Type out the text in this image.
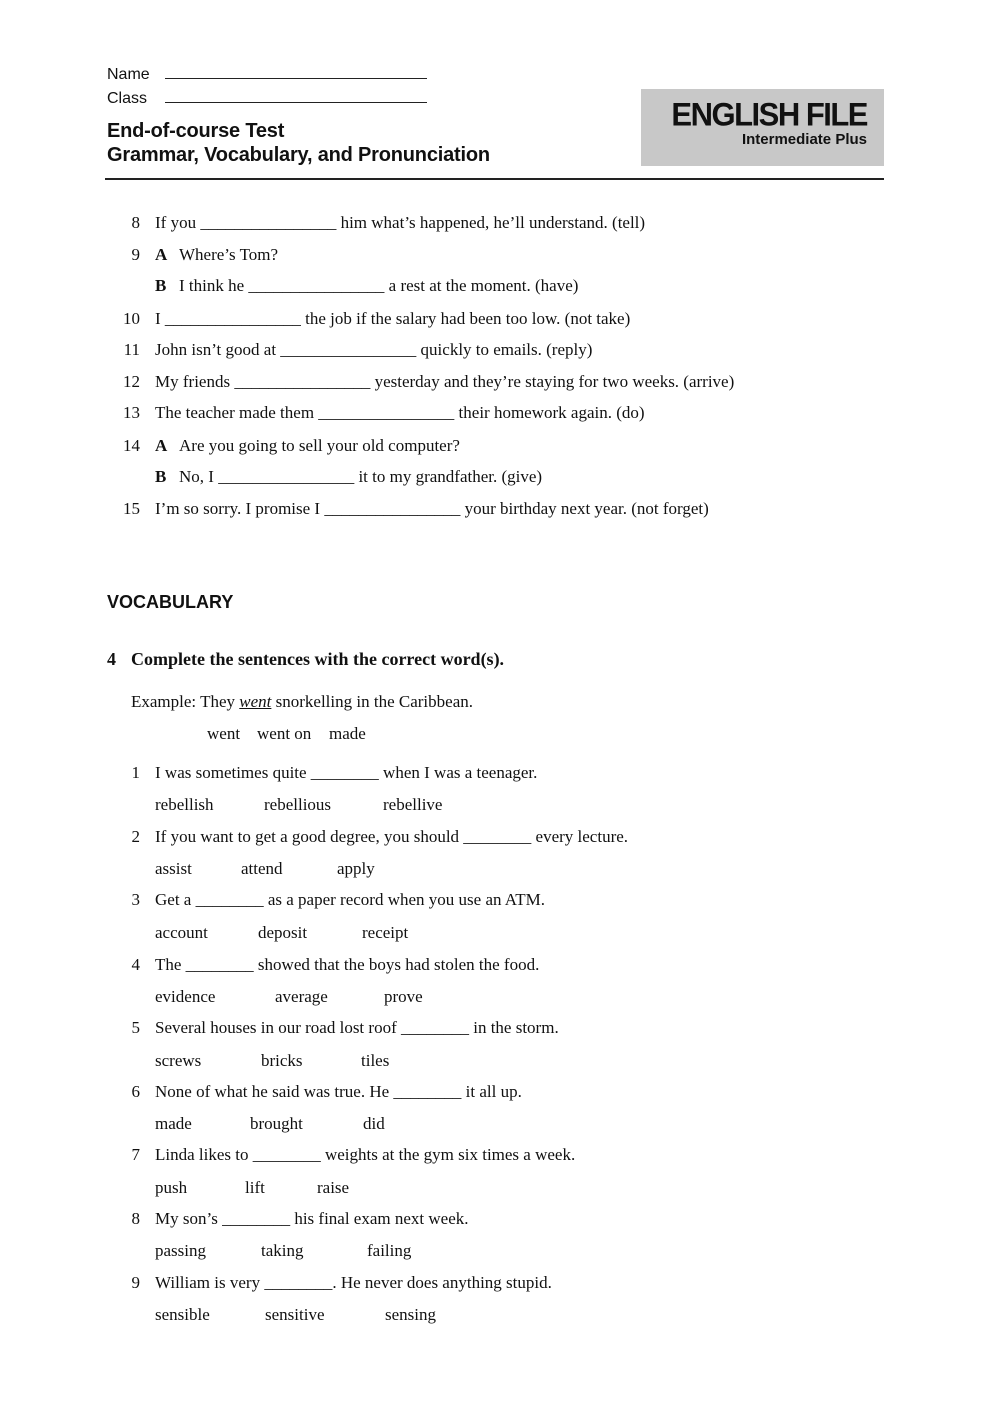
Name
Class
End-of-course Test
Grammar, Vocabulary, and Pronunciation
ENGLISH FILE
Intermediate Plus
8 If you ________________ him what’s happened, he’ll understand. (tell)
9 A Where’s Tom?
B I think he ________________ a rest at the moment. (have)
10 I ________________ the job if the salary had been too low. (not take)
11 John isn’t good at ________________ quickly to emails. (reply)
12 My friends ________________ yesterday and they’re staying for two weeks. (arrive)
13 The teacher made them ________________ their homework again. (do)
14 A Are you going to sell your old computer?
B No, I ________________ it to my grandfather. (give)
15 I’m so sorry. I promise I ________________ your birthday next year. (not forget)
VOCABULARY
4 Complete the sentences with the correct word(s).
Example: They went snorkelling in the Caribbean.
went went on made
1 I was sometimes quite ________ when I was a teenager.
rebellish	rebellious	rebellive
2 If you want to get a good degree, you should ________ every lecture.
assist	attend	apply
3 Get a ________ as a paper record when you use an ATM.
account	deposit	receipt
4 The ________ showed that the boys had stolen the food.
evidence	average	prove
5 Several houses in our road lost roof ________ in the storm.
screws	bricks	tiles
6 None of what he said was true. He ________ it all up.
made	brought	did
7 Linda likes to ________ weights at the gym six times a week.
push	lift	raise
8 My son’s ________ his final exam next week.
passing	taking	failing
9 William is very ________. He never does anything stupid.
sensible	sensitive	sensing
